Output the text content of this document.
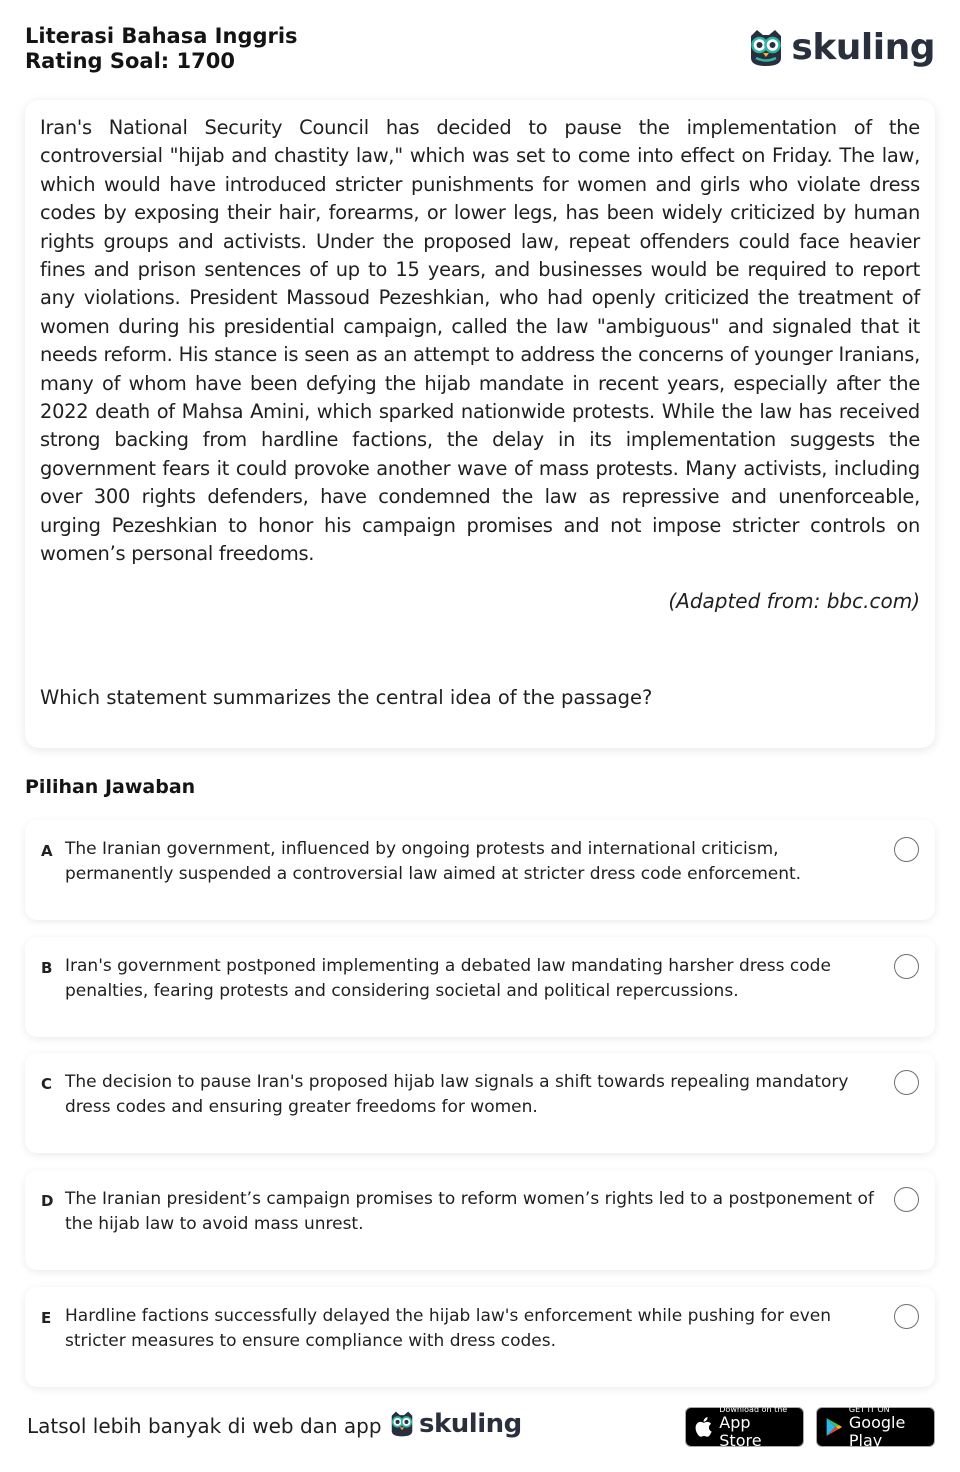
Literasi Bahasa Inggris
Rating Soal: 1700	skuling

Iran's National Security Council has decided to pause the implementation of the controversial "hijab and chastity law," which was set to come into effect on Friday. The law, which would have introduced stricter punishments for women and girls who violate dress codes by exposing their hair, forearms, or lower legs, has been widely criticized by human rights groups and activists. Under the proposed law, repeat offenders could face heavier fines and prison sentences of up to 15 years, and businesses would be required to report any violations. President Massoud Pezeshkian, who had openly criticized the treatment of women during his presidential campaign, called the law "ambiguous" and signaled that it needs reform. His stance is seen as an attempt to address the concerns of younger Iranians, many of whom have been defying the hijab mandate in recent years, especially after the 2022 death of Mahsa Amini, which sparked nationwide protests. While the law has received strong backing from hardline factions, the delay in its implementation suggests the government fears it could provoke another wave of mass protests. Many activists, including over 300 rights defenders, have condemned the law as repressive and unenforceable, urging Pezeshkian to honor his campaign promises and not impose stricter controls on women’s personal freedoms.

(Adapted from: bbc.com)

Which statement summarizes the central idea of the passage?

Pilihan Jawaban
A The Iranian government, influenced by ongoing protests and international criticism, permanently suspended a controversial law aimed at stricter dress code enforcement.
B Iran's government postponed implementing a debated law mandating harsher dress code penalties, fearing protests and considering societal and political repercussions.
C The decision to pause Iran's proposed hijab law signals a shift towards repealing mandatory dress codes and ensuring greater freedoms for women.
D The Iranian president’s campaign promises to reform women’s rights led to a postponement of the hijab law to avoid mass unrest.
E Hardline factions successfully delayed the hijab law's enforcement while pushing for even stricter measures to ensure compliance with dress codes.
Latsol lebih banyak di web dan app skuling	Download on the
App Store
GET IT ON
Google Play
